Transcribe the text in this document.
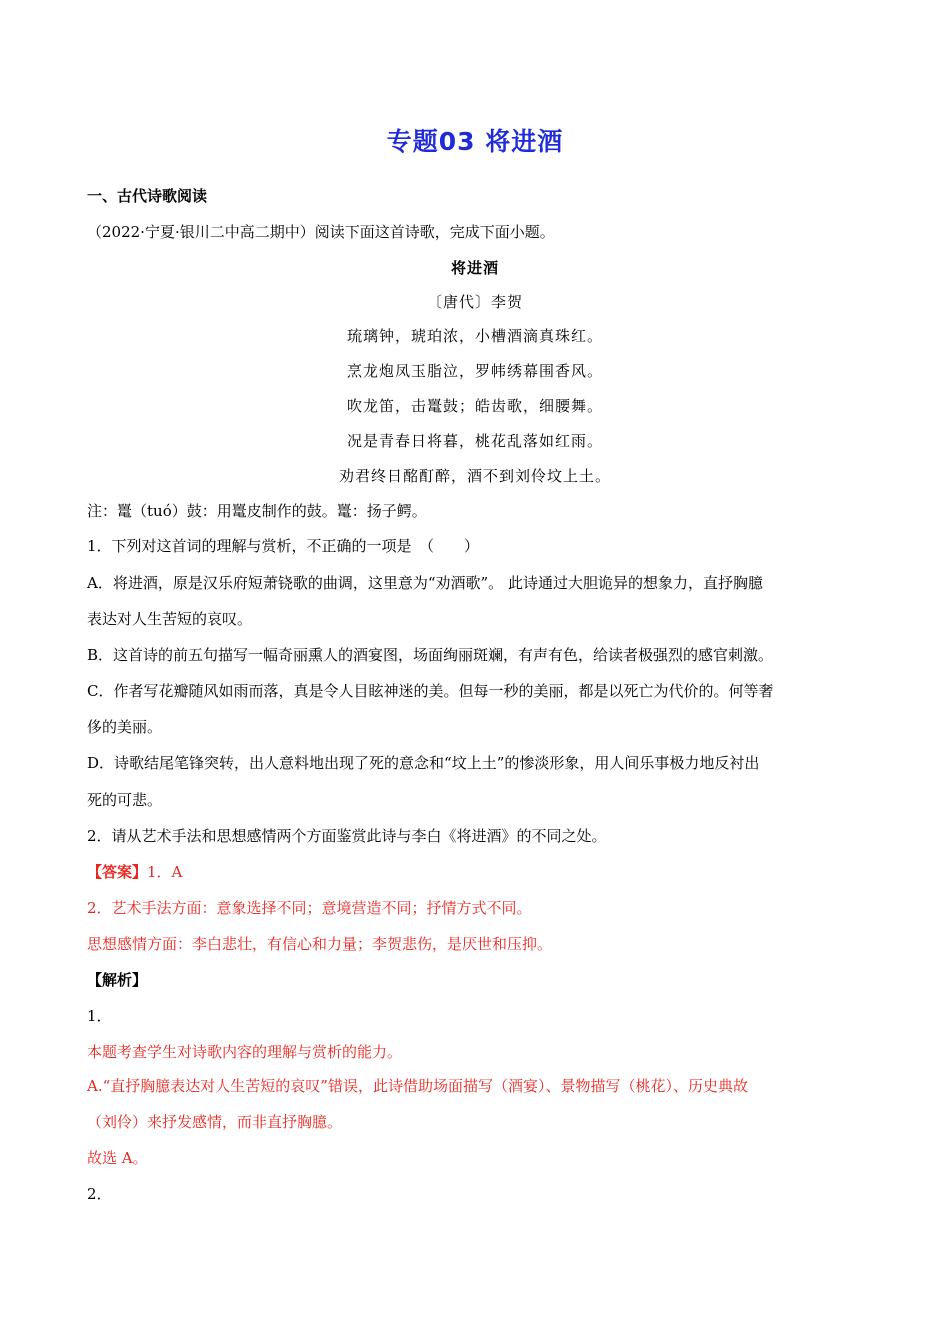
专题03 将进酒
一、古代诗歌阅读
（2022·宁夏·银川二中高二期中）阅读下面这首诗歌，完成下面小题。
将进酒
〔唐代〕李贺
琉璃钟，琥珀浓，小槽酒滴真珠红。
烹龙炮凤玉脂泣，罗帏绣幕围香风。
吹龙笛，击鼍鼓；皓齿歌，细腰舞。
况是青春日将暮，桃花乱落如红雨。
劝君终日酩酊醉，酒不到刘伶坟上土。
注：鼍（tuó）鼓：用鼍皮制作的鼓。鼍：扬子鳄。
1．下列对这首词的理解与赏析，不正确的一项是　（　　）
A．将进酒，原是汉乐府短萧铙歌的曲调，这里意为“劝酒歌”。 此诗通过大胆诡异的想象力，直抒胸臆
表达对人生苦短的哀叹。
B．这首诗的前五句描写一幅奇丽熏人的酒宴图，场面绚丽斑斓，有声有色，给读者极强烈的感官刺激。
C．作者写花瓣随风如雨而落，真是令人目眩神迷的美。但每一秒的美丽，都是以死亡为代价的。何等奢
侈的美丽。
D．诗歌结尾笔锋突转，出人意料地出现了死的意念和“坟上土”的惨淡形象，用人间乐事极力地反衬出
死的可悲。
2．请从艺术手法和思想感情两个方面鉴赏此诗与李白《将进酒》的不同之处。
【答案】1．A
2．艺术手法方面：意象选择不同；意境营造不同；抒情方式不同。
思想感情方面：李白悲壮，有信心和力量；李贺悲伤，是厌世和压抑。
【解析】
1．
本题考查学生对诗歌内容的理解与赏析的能力。
A.“直抒胸臆表达对人生苦短的哀叹”错误，此诗借助场面描写（酒宴）、景物描写（桃花）、历史典故
（刘伶）来抒发感情，而非直抒胸臆。
故选 A。
2．
